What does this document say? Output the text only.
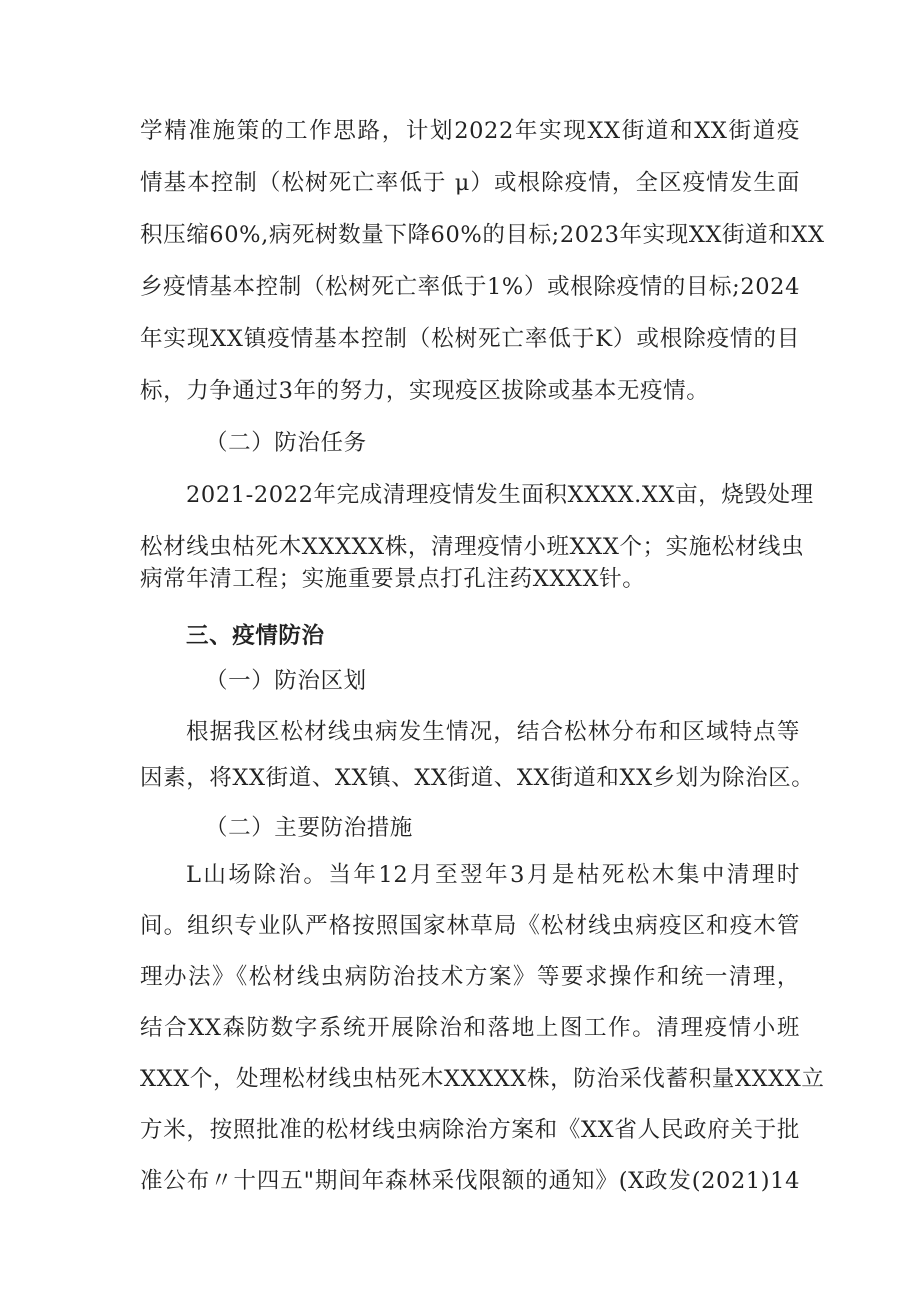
学精准施策的工作思路，计划2022年实现XX街道和XX街道疫
情基本控制（松树死亡率低于 μ）或根除疫情，全区疫情发生面
积压缩60%,病死树数量下降60%的目标;2023年实现XX街道和XX
乡疫情基本控制（松树死亡率低于1%）或根除疫情的目标;2024
年实现XX镇疫情基本控制（松树死亡率低于K）或根除疫情的目
标，力争通过3年的努力，实现疫区拔除或基本无疫情。
（二）防治任务
2021-2022年完成清理疫情发生面积XXXX.XX亩，烧毁处理
松材线虫枯死木XXXXX株，清理疫情小班XXX个；实施松材线虫
病常年清工程；实施重要景点打孔注药XXXX针。
三、疫情防治
（一）防治区划
根据我区松材线虫病发生情况，结合松林分布和区域特点等
因素，将XX街道、XX镇、XX街道、XX街道和XX乡划为除治区。
（二）主要防治措施
L山场除治。当年12月至翌年3月是枯死松木集中清理时
间。组织专业队严格按照国家林草局《松材线虫病疫区和疫木管
理办法》《松材线虫病防治技术方案》等要求操作和统一清理，
结合XX森防数字系统开展除治和落地上图工作。清理疫情小班
XXX个，处理松材线虫枯死木XXXXX株，防治采伐蓄积量XXXX立
方米，按照批准的松材线虫病除治方案和《XX省人民政府关于批
准公布〃十四五"期间年森林采伐限额的通知》(X政发(2021)14
